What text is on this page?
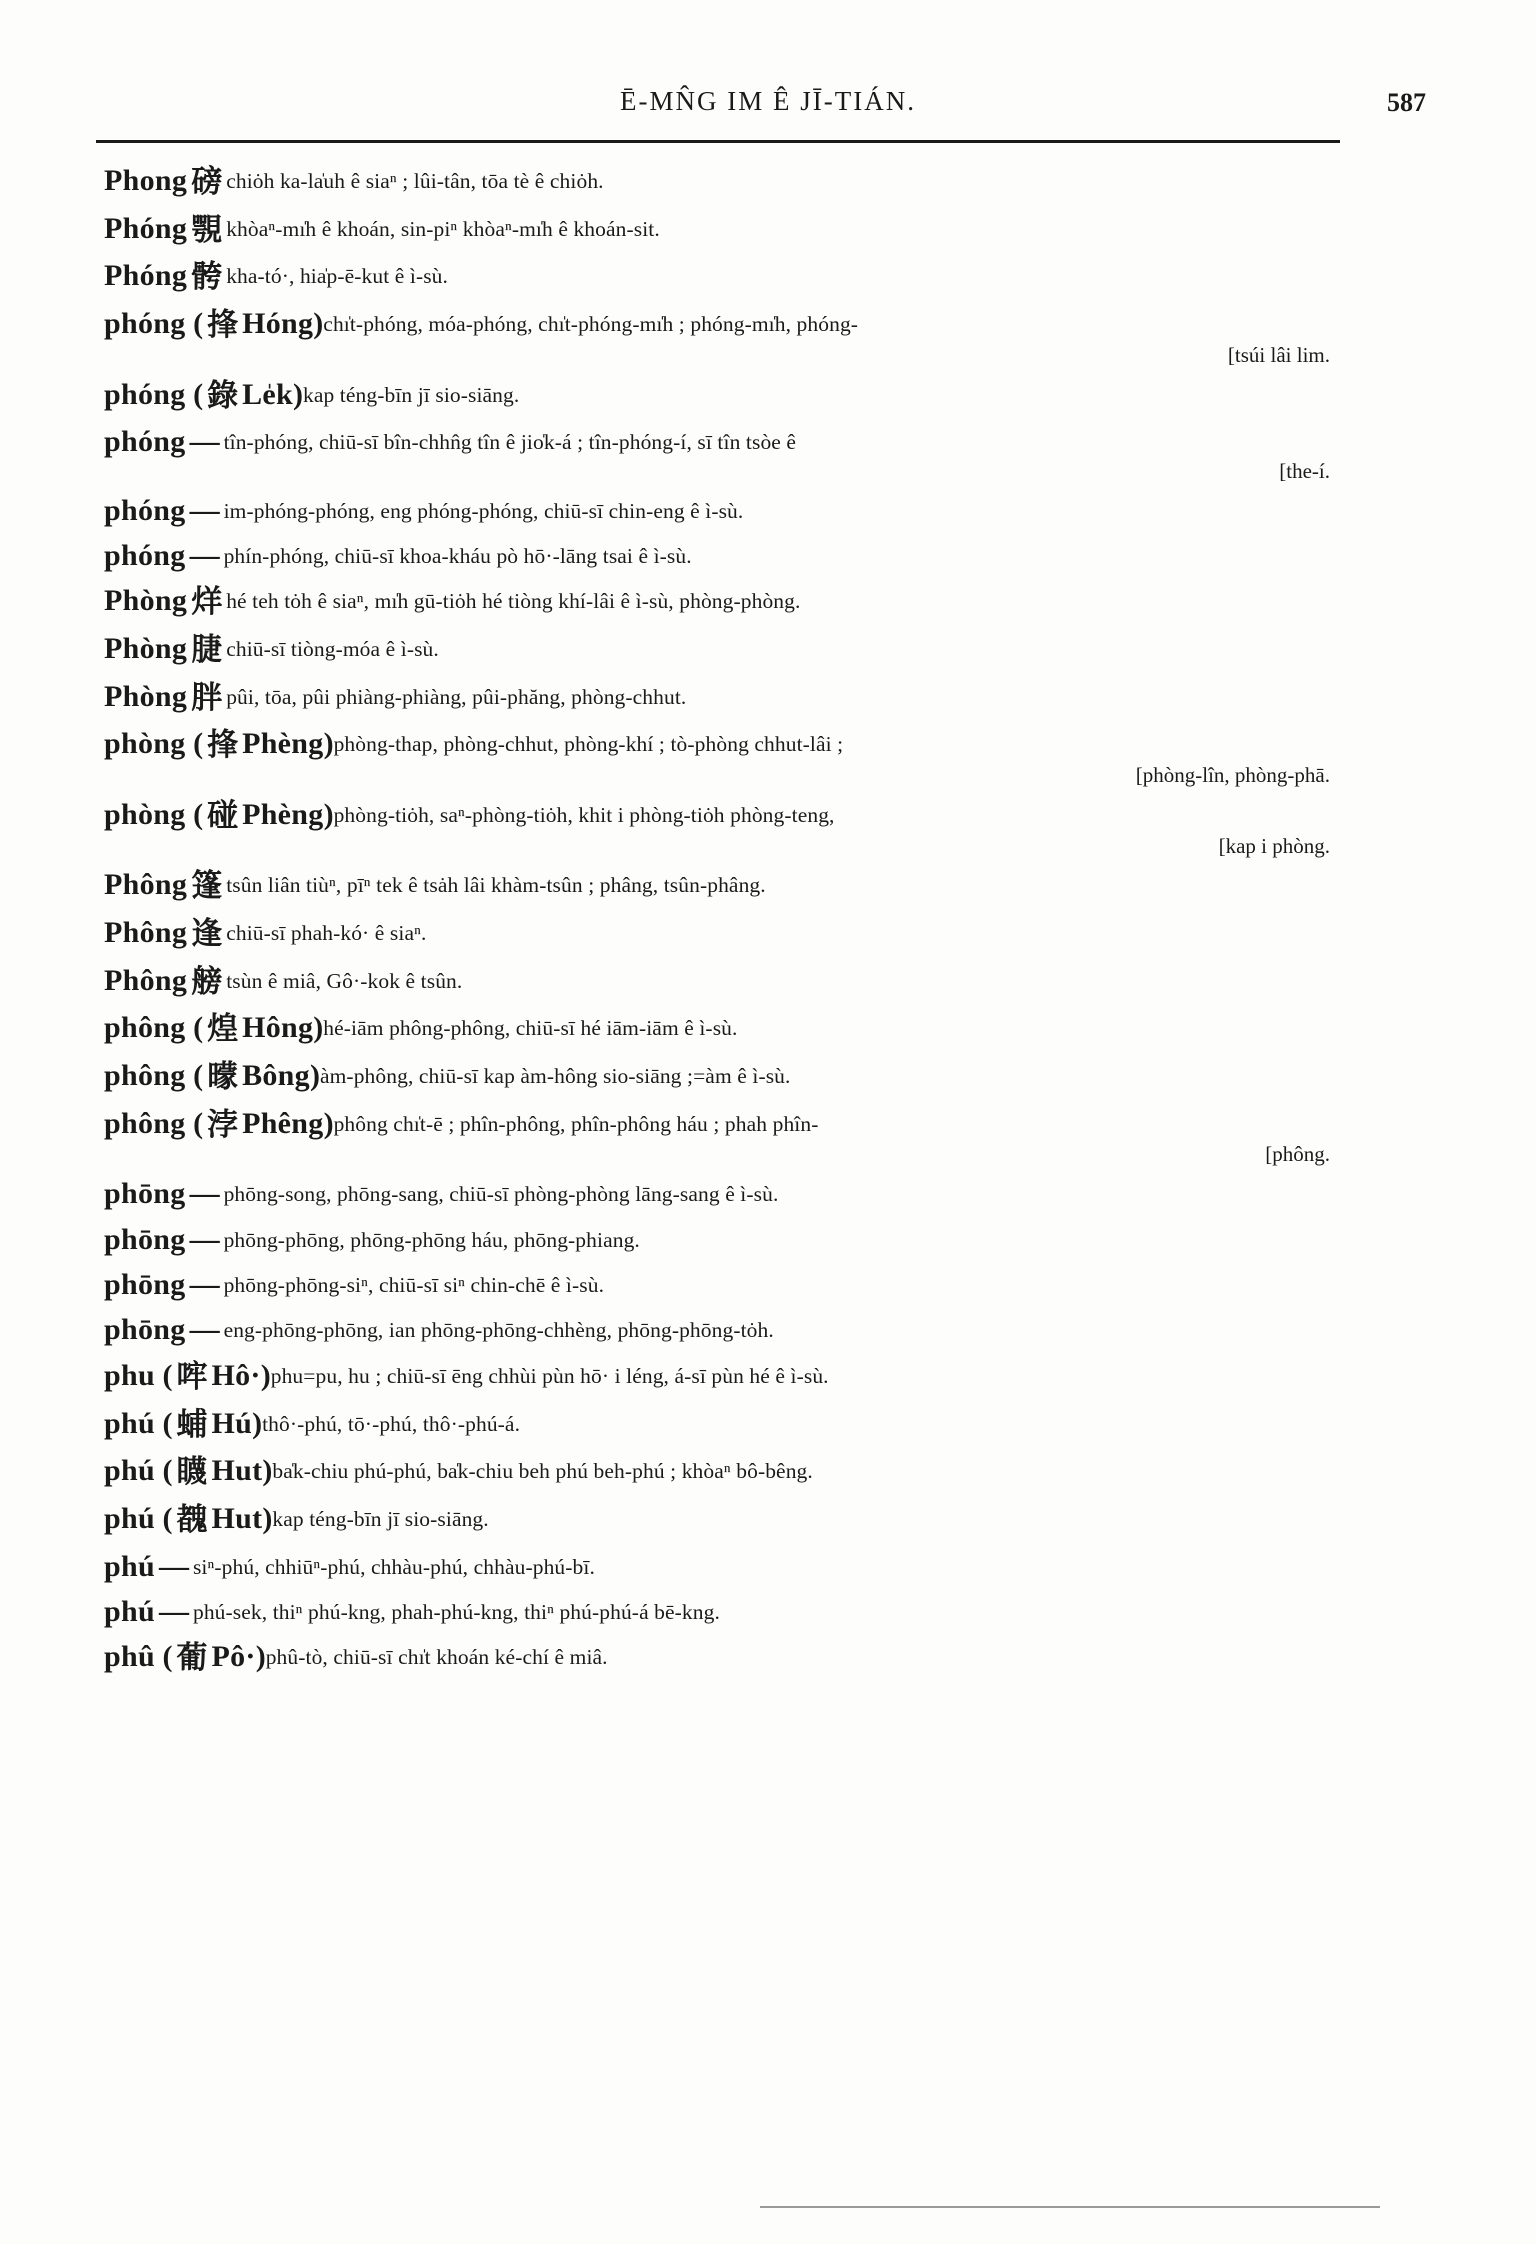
Ē-MN̂G IM Ê JĪ-TIÁN.	587
Phong 磅 chiȯh ka-la̍uh ê siaⁿ ; lûi-tân, tōa tè ê chiȯh.
Phóng 覨 khòaⁿ-mı̍h ê khoán, sin-piⁿ khòaⁿ-mı̍h ê khoán-sit.
Phóng 骻 kha-tó·, hia̍p-ē-kut ê ì-sù.
phóng ( 捀 Hóng)chı̍t-phóng, móa-phóng, chı̍t-phóng-mı̍h ; phóng-mı̍h, phóng-
[tsúi lâi lim.
phóng ( 錄 Le̍k)kap téng-bīn jī sio-siāng.
phóng — tîn-phóng, chiū-sī bîn-chhn̂g tîn ê jio̍k-á ; tîn-phóng-í, sī tîn tsòe ê
[the-í.
phóng — im-phóng-phóng, eng phóng-phóng, chiū-sī chin-eng ê ì-sù.
phóng — phín-phóng, chiū-sī khoa-kháu pò hō·-lāng tsai ê ì-sù.
Phòng 烊 hé teh tȯh ê siaⁿ, mı̍h gū-tiȯh hé tiòng khí-lâi ê ì-sù, phòng-phòng.
Phòng 脻 chiū-sī tiòng-móa ê ì-sù.
Phòng 胖 pûi, tōa, pûi phiàng-phiàng, pûi-phăng, phòng-chhut.
phòng ( 捀 Phèng)phòng-thap, phòng-chhut, phòng-khí ; tò-phòng chhut-lâi ;
[phòng-lîn, phòng-phā.
phòng ( 碰 Phèng)phòng-tiȯh, saⁿ-phòng-tiȯh, khit i phòng-tiȯh phòng-teng,
[kap i phòng.
Phông 篷 tsûn liân tiùⁿ, pīⁿ tek ê tsȧh lâi khàm-tsûn ; phâng, tsûn-phâng.
Phông 逢 chiū-sī phah-kó· ê siaⁿ.
Phông 艕 tsùn ê miâ, Gô·-kok ê tsûn.
phông ( 煌 Hông)hé-iām phông-phông, chiū-sī hé iām-iām ê ì-sù.
phông ( 曚 Bông)àm-phông, chiū-sī kap àm-hông sio-siāng ;=àm ê ì-sù.
phông ( 浡 Phêng)phông chı̍t-ē ; phîn-phông, phîn-phông háu ; phah phîn-
[phông.
phōng — phōng-song, phōng-sang, chiū-sī phòng-phòng lāng-sang ê ì-sù.
phōng — phōng-phōng, phōng-phōng háu, phōng-phiang.
phōng — phōng-phōng-siⁿ, chiū-sī siⁿ chin-chē ê ì-sù.
phōng — eng-phōng-phōng, ian phōng-phōng-chhèng, phōng-phōng-tȯh.
phu ( 哰 Hô·)phu=pu, hu ; chiū-sī ēng chhùi pùn hō· i léng, á-sī pùn hé ê ì-sù.
phú ( 蜅 Hú)thô·-phú, tō·-phú, thô·-phú-á.
phú ( 䁾 Hut)ba̍k-chiu phú-phú, ba̍k-chiu beh phú beh-phú ; khòaⁿ bô-bêng.
phú ( 䰩 Hut)kap téng-bīn jī sio-siāng.
phú — siⁿ-phú, chhiūⁿ-phú, chhàu-phú, chhàu-phú-bī.
phú — phú-sek, thiⁿ phú-kng, phah-phú-kng, thiⁿ phú-phú-á bē-kng.
phû ( 葡 Pô·)phû-tò, chiū-sī chı̍t khoán ké-chí ê miâ.
